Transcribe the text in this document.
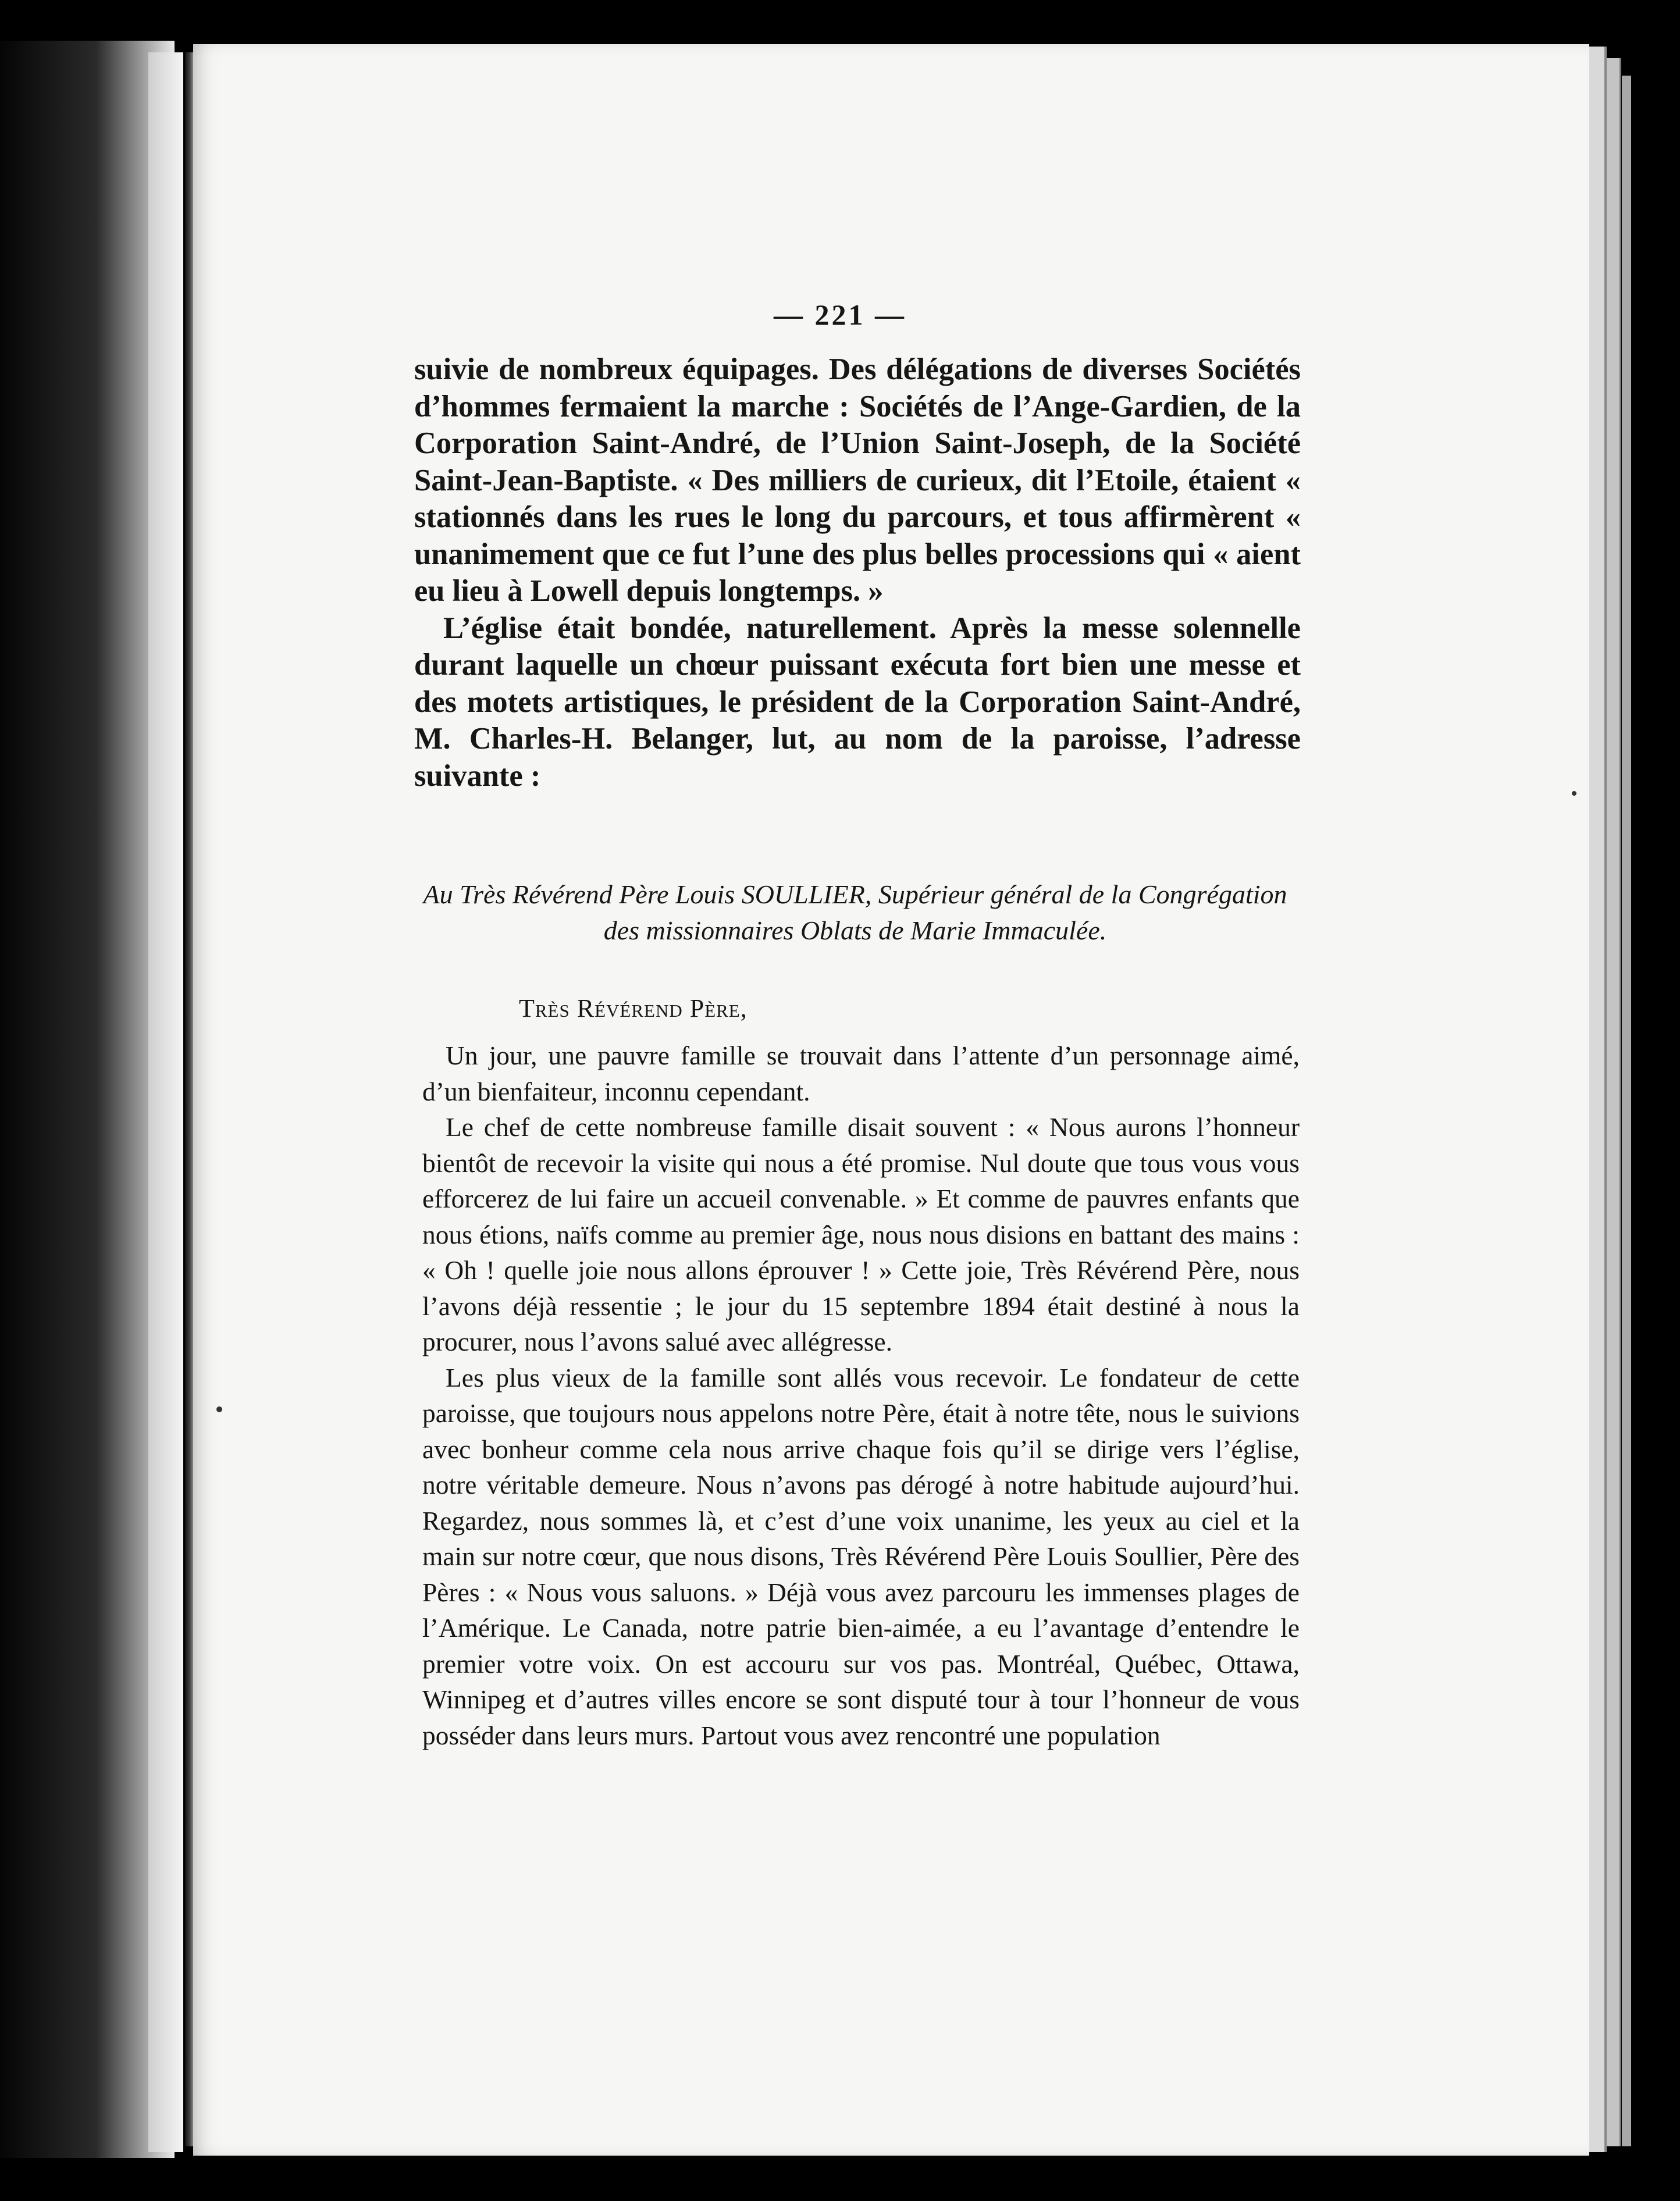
— 221 —

suivie de nombreux équipages. Des délégations de diverses Sociétés d’hommes fermaient la marche : Sociétés de l’Ange-Gardien, de la Corporation Saint-André, de l’Union Saint-Joseph, de la Société Saint-Jean-Baptiste. « Des milliers de curieux, dit l’Etoile, étaient « stationnés dans les rues le long du parcours, et tous affirmèrent « unanimement que ce fut l’une des plus belles processions qui « aient eu lieu à Lowell depuis longtemps. »

L’église était bondée, naturellement. Après la messe solennelle durant laquelle un chœur puissant exécuta fort bien une messe et des motets artistiques, le président de la Corporation Saint-André, M. Charles-H. Belanger, lut, au nom de la paroisse, l’adresse suivante :

Au Très Révérend Père Louis SOULLIER, Supérieur général de la Congrégation des missionnaires Oblats de Marie Immaculée.
Très Révérend Père,

Un jour, une pauvre famille se trouvait dans l’attente d’un personnage aimé, d’un bienfaiteur, inconnu cependant.

Le chef de cette nombreuse famille disait souvent : « Nous aurons l’honneur bientôt de recevoir la visite qui nous a été promise. Nul doute que tous vous vous efforcerez de lui faire un accueil convenable. » Et comme de pauvres enfants que nous étions, naïfs comme au premier âge, nous nous disions en battant des mains : « Oh ! quelle joie nous allons éprouver ! » Cette joie, Très Révérend Père, nous l’avons déjà ressentie ; le jour du 15 septembre 1894 était destiné à nous la procurer, nous l’avons salué avec allégresse.

Les plus vieux de la famille sont allés vous recevoir. Le fondateur de cette paroisse, que toujours nous appelons notre Père, était à notre tête, nous le suivions avec bonheur comme cela nous arrive chaque fois qu’il se dirige vers l’église, notre véritable demeure. Nous n’avons pas dérogé à notre habitude aujourd’hui. Regardez, nous sommes là, et c’est d’une voix unanime, les yeux au ciel et la main sur notre cœur, que nous disons, Très Révérend Père Louis Soullier, Père des Pères : « Nous vous saluons. » Déjà vous avez parcouru les immenses plages de l’Amérique. Le Canada, notre patrie bien-aimée, a eu l’avantage d’entendre le premier votre voix. On est accouru sur vos pas. Montréal, Québec, Ottawa, Winnipeg et d’autres villes encore se sont disputé tour à tour l’honneur de vous posséder dans leurs murs. Partout vous avez rencontré une population
